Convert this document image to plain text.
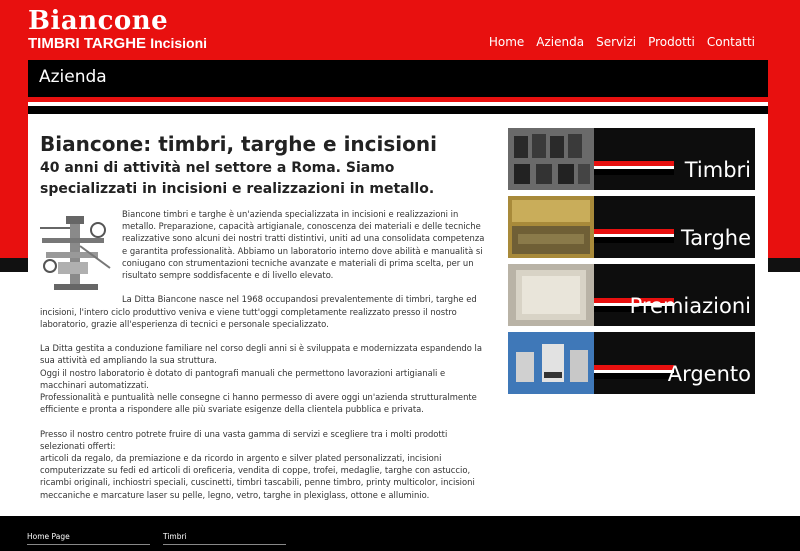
Biancone
TIMBRI TARGHE Incisioni	Home Azienda Servizi Prodotti Contatti
Azienda
Biancone: timbri, targhe e incisioni
40 anni di attività nel settore a Roma. Siamo specializzati in incisioni e realizzazioni in metallo.

Biancone timbri e targhe è un'azienda specializzata in incisioni e realizzazioni in metallo. Preparazione, capacità artigianale, conoscenza dei materiali e delle tecniche realizzative sono alcuni dei nostri tratti distintivi, uniti ad una consolidata competenza e garantita professionalità. Abbiamo un laboratorio interno dove abilità e manualità si coniugano con strumentazioni tecniche avanzate e materiali di prima scelta, per un risultato sempre soddisfacente e di livello elevato.

La Ditta Biancone nasce nel 1968 occupandosi prevalentemente di timbri, targhe ed incisioni, l'intero ciclo produttivo veniva e viene tutt'oggi completamente realizzato presso il nostro laboratorio, grazie all'esperienza di tecnici e personale specializzato.

La Ditta gestita a conduzione familiare nel corso degli anni si è sviluppata e modernizzata espandendo la sua attività ed ampliando la sua struttura.

Oggi il nostro laboratorio è dotato di pantografi manuali che permettono lavorazioni artigianali e macchinari automatizzati.

Professionalità e puntualità nelle consegne ci hanno permesso di avere oggi un'azienda strutturalmente efficiente e pronta a rispondere alle più svariate esigenze della clientela pubblica e privata.

Presso il nostro centro potrete fruire di una vasta gamma di servizi e scegliere tra i molti prodotti selezionati offerti:

articoli da regalo, da premiazione e da ricordo in argento e silver plated personalizzati, incisioni computerizzate su fedi ed articoli di oreficeria, vendita di coppe, trofei, medaglie, targhe con astuccio, ricambi originali, inchiostri speciali, cuscinetti, timbri tascabili, penne timbro, printy multicolor, incisioni meccaniche e marcature laser su pelle, legno, vetro, targhe in plexiglass, ottone e alluminio.

Timbri
Targhe
Premiazioni
Argento
Home Page	Timbri
